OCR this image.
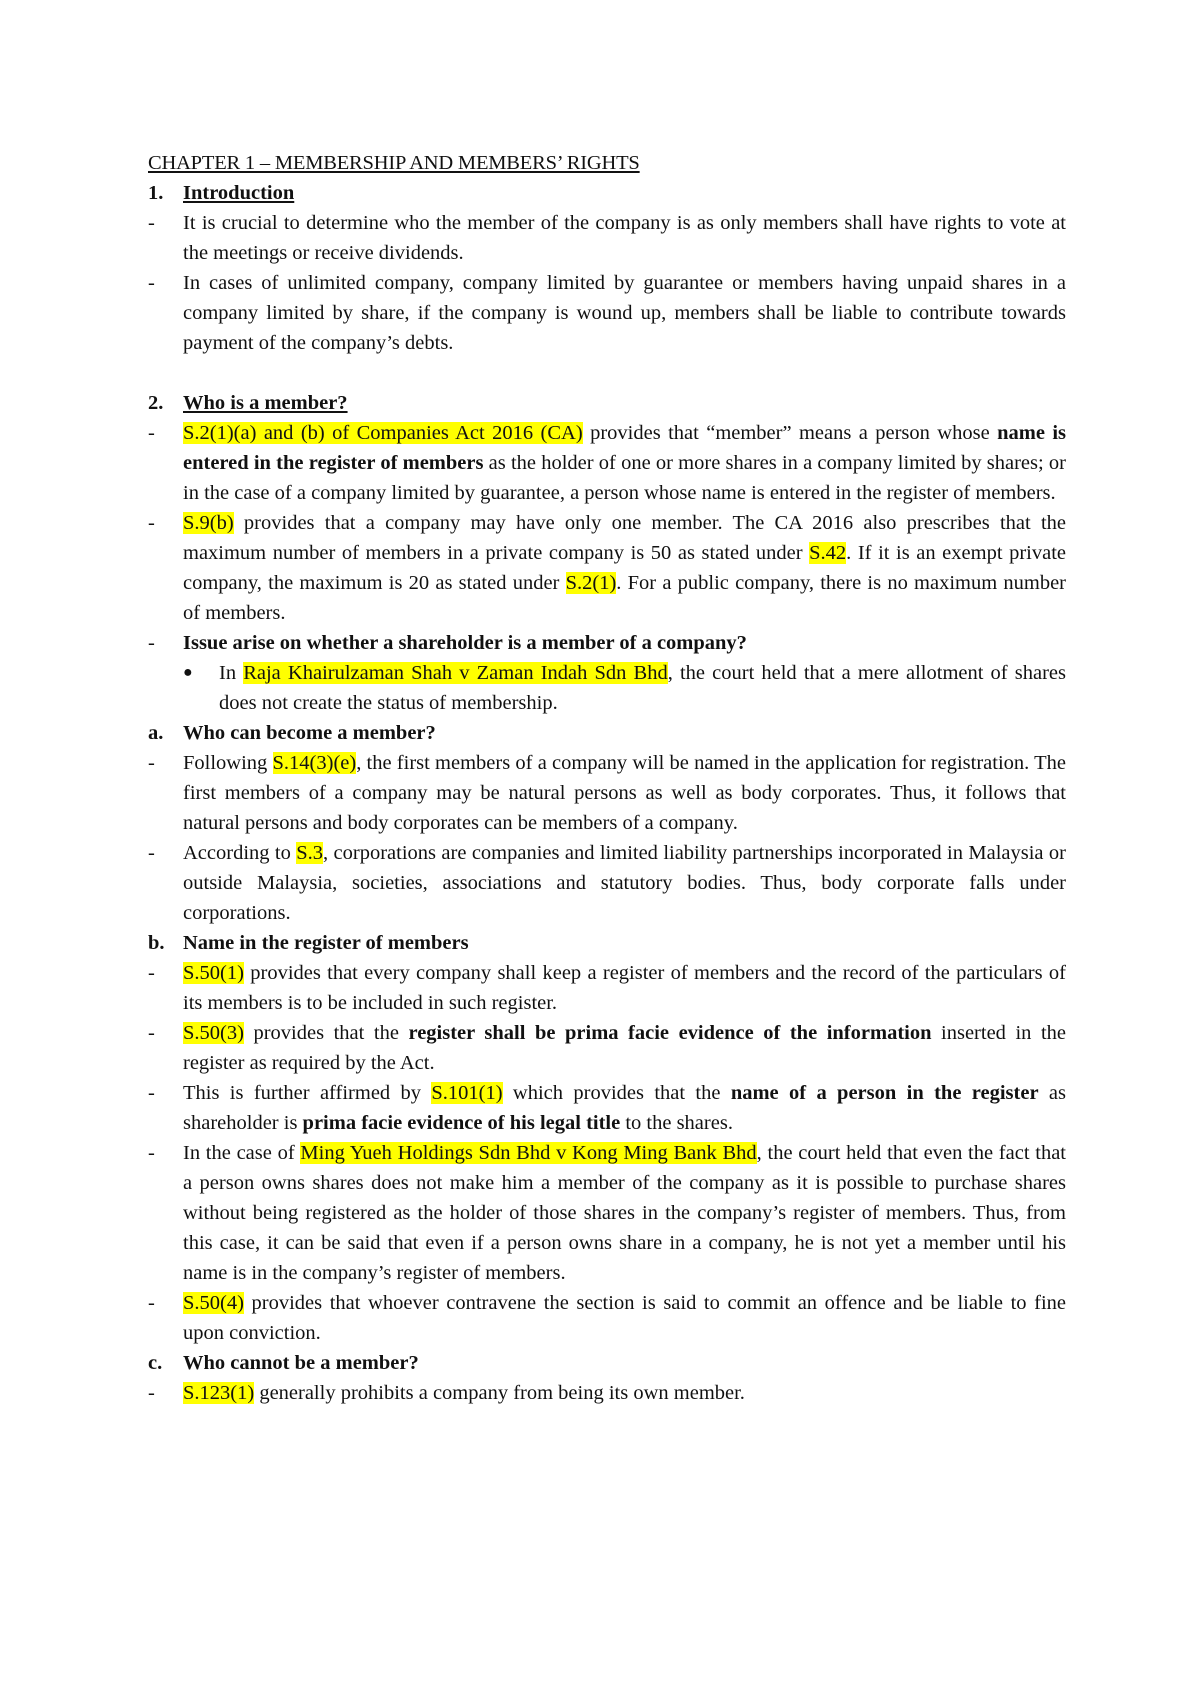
CHAPTER 1 – MEMBERSHIP AND MEMBERS’ RIGHTS
1. Introduction
-	It is crucial to determine who the member of the company is as only members shall have rights to vote at the meetings or receive dividends.
-	In cases of unlimited company, company limited by guarantee or members having unpaid shares in a company limited by share, if the company is wound up, members shall be liable to contribute towards payment of the company’s debts.
2. Who is a member?
-	S.2(1)(a) and (b) of Companies Act 2016 (CA) provides that “member” means a person whose name is entered in the register of members as the holder of one or more shares in a company limited by shares; or in the case of a company limited by guarantee, a person whose name is entered in the register of members.
-	S.9(b) provides that a company may have only one member. The CA 2016 also prescribes that the maximum number of members in a private company is 50 as stated under S.42. If it is an exempt private company, the maximum is 20 as stated under S.2(1). For a public company, there is no maximum number of members.
-	Issue arise on whether a shareholder is a member of a company?
●	In Raja Khairulzaman Shah v Zaman Indah Sdn Bhd, the court held that a mere allotment of shares does not create the status of membership.
a. Who can become a member?
-	Following S.14(3)(e), the first members of a company will be named in the application for registration. The first members of a company may be natural persons as well as body corporates. Thus, it follows that natural persons and body corporates can be members of a company.
-	According to S.3, corporations are companies and limited liability partnerships incorporated in Malaysia or outside Malaysia, societies, associations and statutory bodies. Thus, body corporate falls under corporations.
b. Name in the register of members
-	S.50(1) provides that every company shall keep a register of members and the record of the particulars of its members is to be included in such register.
-	S.50(3) provides that the register shall be prima facie evidence of the information inserted in the register as required by the Act.
-	This is further affirmed by S.101(1) which provides that the name of a person in the register as shareholder is prima facie evidence of his legal title to the shares.
-	In the case of Ming Yueh Holdings Sdn Bhd v Kong Ming Bank Bhd, the court held that even the fact that a person owns shares does not make him a member of the company as it is possible to purchase shares without being registered as the holder of those shares in the company’s register of members. Thus, from this case, it can be said that even if a person owns share in a company, he is not yet a member until his name is in the company’s register of members.
-	S.50(4) provides that whoever contravene the section is said to commit an offence and be liable to fine upon conviction.
c.	Who cannot be a member?
-	S.123(1) generally prohibits a company from being its own member.
